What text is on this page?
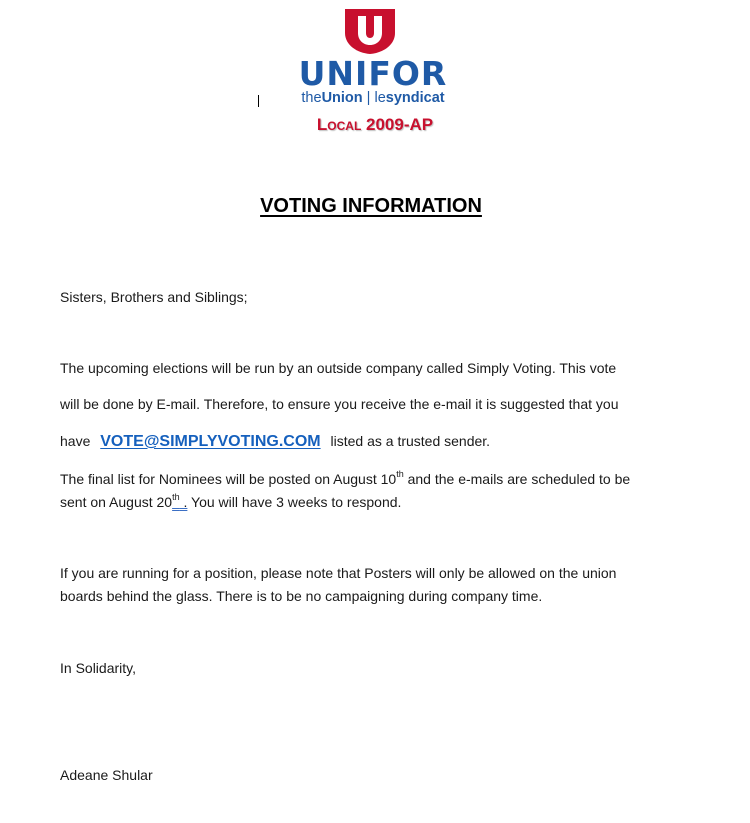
UNIFOR
theUnion | lesyndicat
Local 2009-AP
VOTING INFORMATION
Sisters, Brothers and Siblings;
The upcoming elections will be run by an outside company called Simply Voting. This vote
will be done by E-mail. Therefore, to ensure you receive the e-mail it is suggested that you
have VOTE@SIMPLYVOTING.COM listed as a trusted sender.
The final list for Nominees will be posted on August 10th and the e-mails are scheduled to be
sent on August 20th . You will have 3 weeks to respond.
If you are running for a position, please note that Posters will only be allowed on the union
boards behind the glass. There is to be no campaigning during company time.
In Solidarity,
Adeane Shular
